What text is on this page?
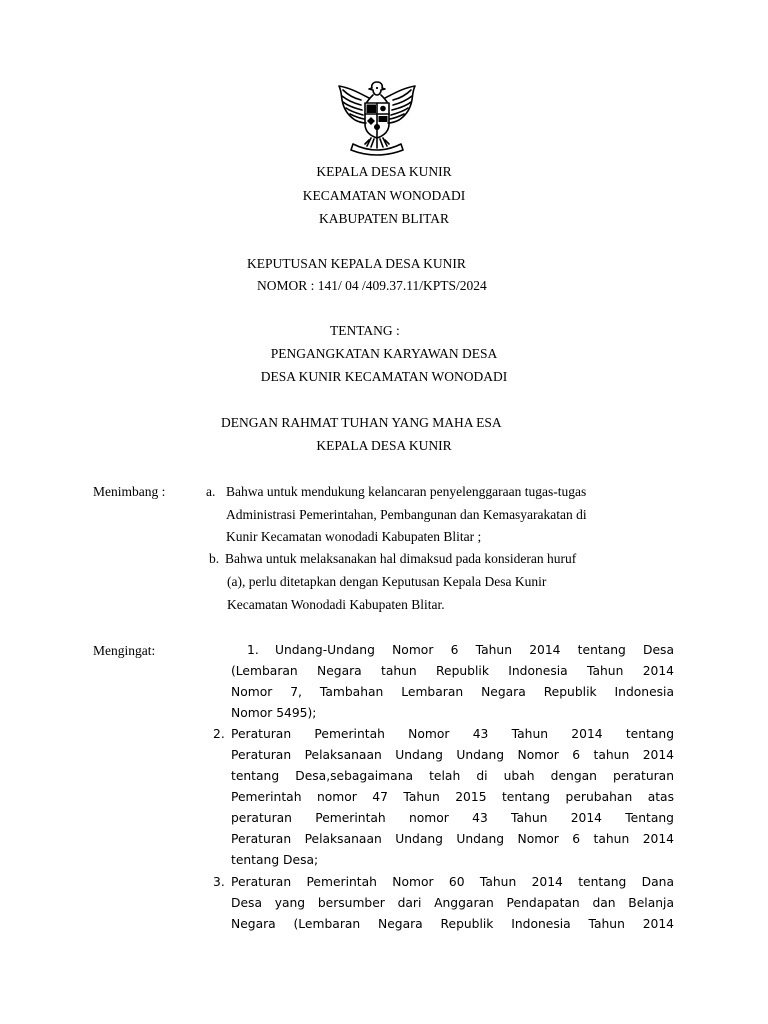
KEPALA DESA KUNIR
KECAMATAN WONODADI
KABUPATEN BLITAR
KEPUTUSAN KEPALA DESA KUNIR
NOMOR : 141/ 04 /409.37.11/KPTS/2024
TENTANG :
PENGANGKATAN KARYAWAN DESA
DESA KUNIR KECAMATAN WONODADI
DENGAN RAHMAT TUHAN YANG MAHA ESA
KEPALA DESA KUNIR
Menimbang :	a. Bahwa untuk mendukung kelancaran penyelenggaraan tugas-tugas
Administrasi Pemerintahan, Pembangunan dan Kemasyarakatan di
Kunir Kecamatan wonodadi Kabupaten Blitar ;
b. Bahwa untuk melaksanakan hal dimaksud pada konsideran huruf
(a), perlu ditetapkan dengan Keputusan Kepala Desa Kunir
Kecamatan Wonodadi Kabupaten Blitar.
Mengingat:	1. Undang-Undang Nomor 6 Tahun 2014 tentang Desa
(Lembaran Negara tahun Republik Indonesia Tahun 2014
Nomor 7, Tambahan Lembaran Negara Republik Indonesia
Nomor 5495);
2. Peraturan Pemerintah Nomor 43 Tahun 2014 tentang
Peraturan Pelaksanaan Undang Undang Nomor 6 tahun 2014
tentang Desa,sebagaimana telah di ubah dengan peraturan
Pemerintah nomor 47 Tahun 2015 tentang perubahan atas
peraturan Pemerintah nomor 43 Tahun 2014 Tentang
Peraturan Pelaksanaan Undang Undang Nomor 6 tahun 2014
tentang Desa;
3. Peraturan Pemerintah Nomor 60 Tahun 2014 tentang Dana
Desa yang bersumber dari Anggaran Pendapatan dan Belanja
Negara (Lembaran Negara Republik Indonesia Tahun 2014
